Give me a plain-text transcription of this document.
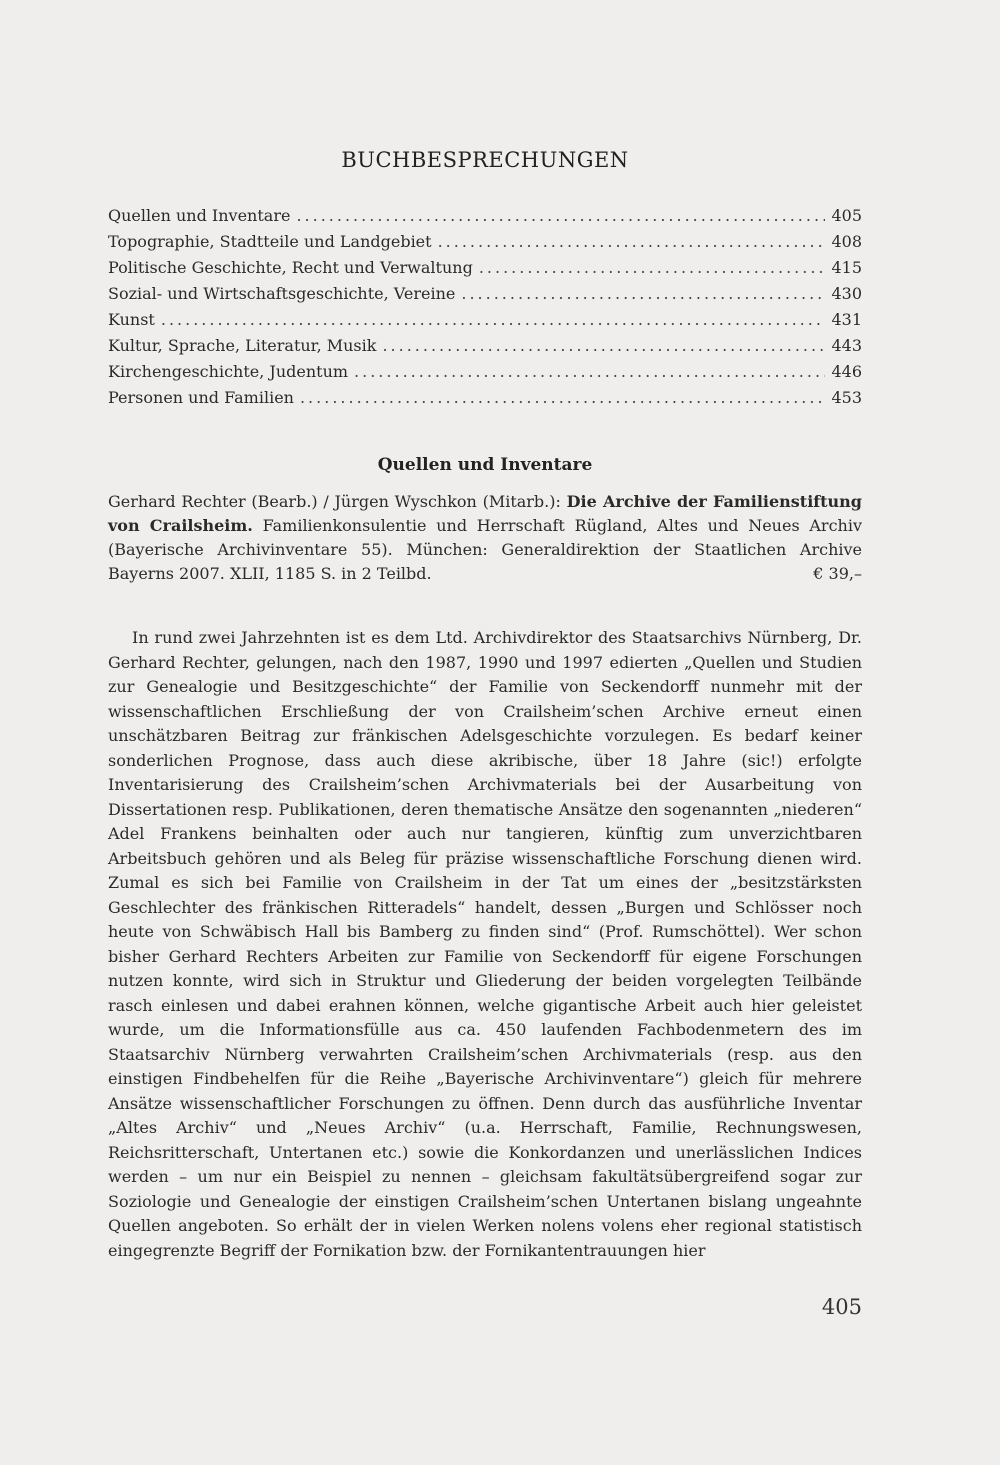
BUCHBESPRECHUNGEN
Quellen und Inventare .....	405
Topographie, Stadtteile und Landgebiet .....	408
Politische Geschichte, Recht und Verwaltung .....	415
Sozial- und Wirtschaftsgeschichte, Vereine .....	430
Kunst .....	431
Kultur, Sprache, Literatur, Musik .....	443
Kirchengeschichte, Judentum .....	446
Personen und Familien .....	453
Quellen und Inventare

Gerhard Rechter (Bearb.) / Jürgen Wyschkon (Mitarb.): Die Archive der Familienstiftung von Crailsheim. Familienkonsulentie und Herrschaft Rügland, Altes und Neues Archiv (Bayerische Archivinventare 55). München: Generaldirektion der Staatlichen Archive Bayerns 2007. XLII, 1185 S. in 2 Teilbd.	€ 39,–

In rund zwei Jahrzehnten ist es dem Ltd. Archivdirektor des Staatsarchivs Nürnberg, Dr. Gerhard Rechter, gelungen, nach den 1987, 1990 und 1997 edierten „Quellen und Studien zur Genealogie und Besitzgeschichte“ der Familie von Seckendorff nunmehr mit der wissenschaftlichen Erschließung der von Crailsheim’schen Archive erneut einen unschätzbaren Beitrag zur fränkischen Adelsgeschichte vorzulegen. Es bedarf keiner sonderlichen Prognose, dass auch diese akribische, über 18 Jahre (sic!) erfolgte Inventarisierung des Crailsheim’schen Archivmaterials bei der Ausarbeitung von Dissertationen resp. Publikationen, deren thematische Ansätze den sogenannten „niederen“ Adel Frankens beinhalten oder auch nur tangieren, künftig zum unverzichtbaren Arbeitsbuch gehören und als Beleg für präzise wissenschaftliche Forschung dienen wird. Zumal es sich bei Familie von Crailsheim in der Tat um eines der „besitzstärksten Geschlechter des fränkischen Ritteradels“ handelt, dessen „Burgen und Schlösser noch heute von Schwäbisch Hall bis Bamberg zu finden sind“ (Prof. Rumschöttel). Wer schon bisher Gerhard Rechters Arbeiten zur Familie von Seckendorff für eigene Forschungen nutzen konnte, wird sich in Struktur und Gliederung der beiden vorgelegten Teilbände rasch einlesen und dabei erahnen können, welche gigantische Arbeit auch hier geleistet wurde, um die Informationsfülle aus ca. 450 laufenden Fachbodenmetern des im Staatsarchiv Nürnberg verwahrten Crailsheim’schen Archivmaterials (resp. aus den einstigen Findbehelfen für die Reihe „Bayerische Archivinventare“) gleich für mehrere Ansätze wissenschaftlicher Forschungen zu öffnen. Denn durch das ausführliche Inventar „Altes Archiv“ und „Neues Archiv“ (u.a. Herrschaft, Familie, Rechnungswesen, Reichsritterschaft, Untertanen etc.) sowie die Konkordanzen und unerlässlichen Indices werden – um nur ein Beispiel zu nennen – gleichsam fakultätsübergreifend sogar zur Soziologie und Genealogie der einstigen Crailsheim’schen Untertanen bislang ungeahnte Quellen angeboten. So erhält der in vielen Werken nolens volens eher regional statistisch eingegrenzte Begriff der Fornikation bzw. der Fornikantentrauungen hier

405
